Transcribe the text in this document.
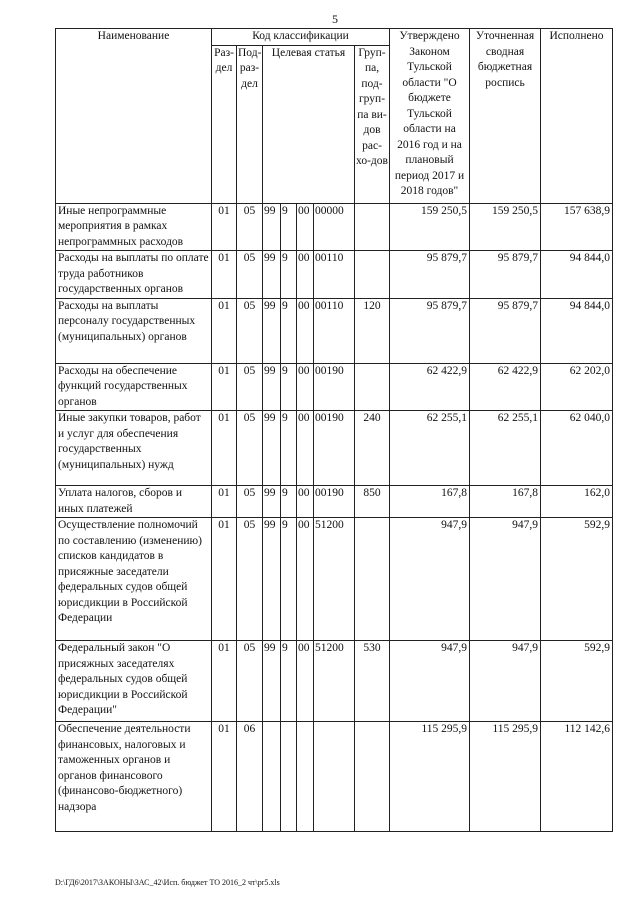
5
Наименование	Код классификации							Утверждено Законом Тульской области "О бюджете Тульской области на 2016 год и на плановый период 2017 и 2018 годов"	Уточненная сводная бюджетная роспись	Исполнено
	Раз-дел	Под-раз-дел	Целевая статья				Груп-па, под-груп-па ви-дов рас-хо-дов			
Иные непрограммные мероприятия в рамках непрограммных расходов	01	05	99	9	00	00000		159 250,5	159 250,5	157 638,9
Расходы на выплаты по оплате труда работников государственных органов	01	05	99	9	00	00110		95 879,7	95 879,7	94 844,0
Расходы на выплаты персоналу государственных (муниципальных) органов	01	05	99	9	00	00110	120	95 879,7	95 879,7	94 844,0
Расходы на обеспечение функций государственных органов	01	05	99	9	00	00190		62 422,9	62 422,9	62 202,0
Иные закупки товаров, работ и услуг для обеспечения государственных (муниципальных) нужд	01	05	99	9	00	00190	240	62 255,1	62 255,1	62 040,0
Уплата налогов, сборов и иных платежей	01	05	99	9	00	00190	850	167,8	167,8	162,0
Осуществление полномочий по составлению (изменению) списков кандидатов в присяжные заседатели федеральных судов общей юрисдикции в Российской Федерации	01	05	99	9	00	51200		947,9	947,9	592,9
Федеральный закон "О присяжных заседателях федеральных судов общей юрисдикции в Российской Федерации"	01	05	99	9	00	51200	530	947,9	947,9	592,9
Обеспечение деятельности финансовых, налоговых и таможенных органов и органов финансового (финансово-бюджетного) надзора	01	06						115 295,9	115 295,9	112 142,6
D:\ГД6\2017\ЗАКОНЫ\ЗАС_42\Исп. бюджет ТО 2016_2 чт\pr5.xls
